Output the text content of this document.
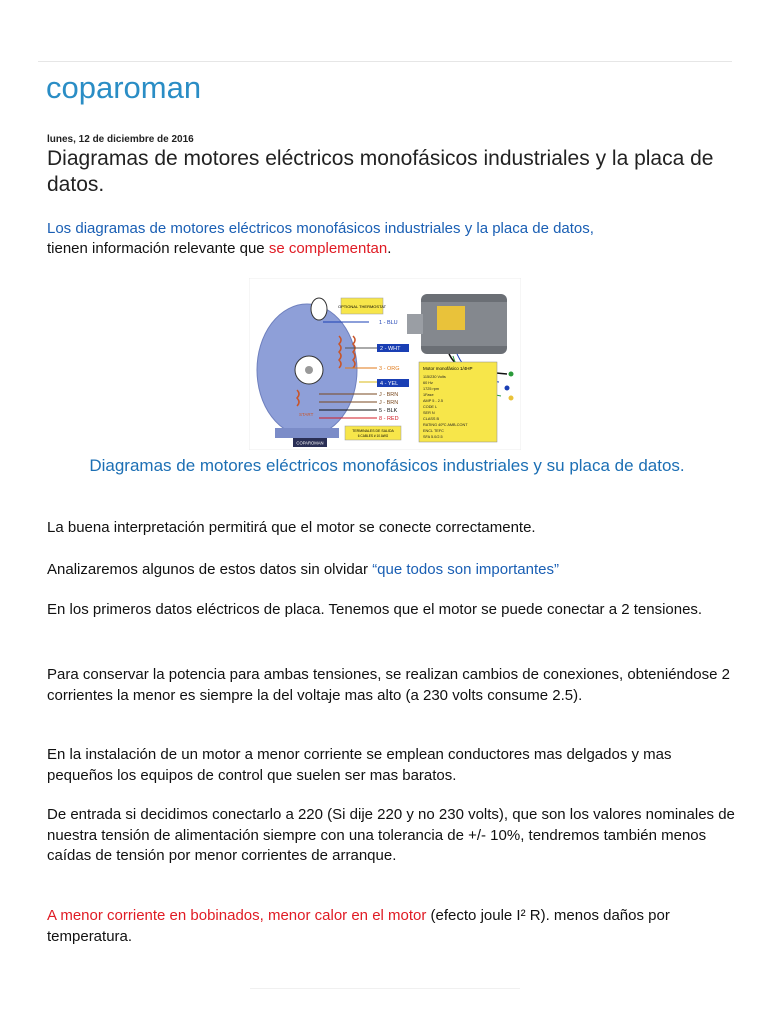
coparoman
lunes, 12 de diciembre de 2016
Diagramas de motores eléctricos monofásicos industriales y la placa de datos.
Los diagramas de motores eléctricos monofásicos industriales y la placa de datos,
tienen información relevante que se complementan.
OPTIONAL THERMOSTAT
START
1 - BLU
2 - WHT
3 - ORG
4 - YEL
J - BRN
J - BRN
5 - BLK
8 - RED
TERMINALES DE SALIDA
6 CABLES # 10 AWG
COPAROMAN
Motor monofásico 1/4HP
115/230 Volts
60 Hz
1725 rpm
1Fase
AMP 5 - 2.5
CODE L
SER N
CLASS B
RATING 40ºC AMB-CONT
ENCL TEFC
SFA 5.0/2.5
Diagramas de motores eléctricos monofásicos industriales y su placa de datos.

La buena interpretación permitirá que el motor se conecte correctamente.

Analizaremos algunos de estos datos sin olvidar “que todos son importantes”

En los primeros datos eléctricos de placa. Tenemos que el motor se puede conectar a 2 tensiones.

Para conservar la potencia para ambas tensiones, se realizan cambios de conexiones, obteniéndose 2 corrientes la menor es siempre la del voltaje mas alto (a 230 volts consume 2.5).

En la instalación de un motor a menor corriente se emplean conductores mas delgados y mas pequeños los equipos de control que suelen ser mas baratos.

De entrada si decidimos conectarlo a 220 (Si dije 220 y no 230 volts), que son los valores nominales de nuestra tensión de alimentación siempre con una tolerancia de +/- 10%, tendremos también menos caídas de tensión por menor corrientes de arranque.

A menor corriente en bobinados, menor calor en el motor (efecto joule I² R). menos daños por temperatura.
